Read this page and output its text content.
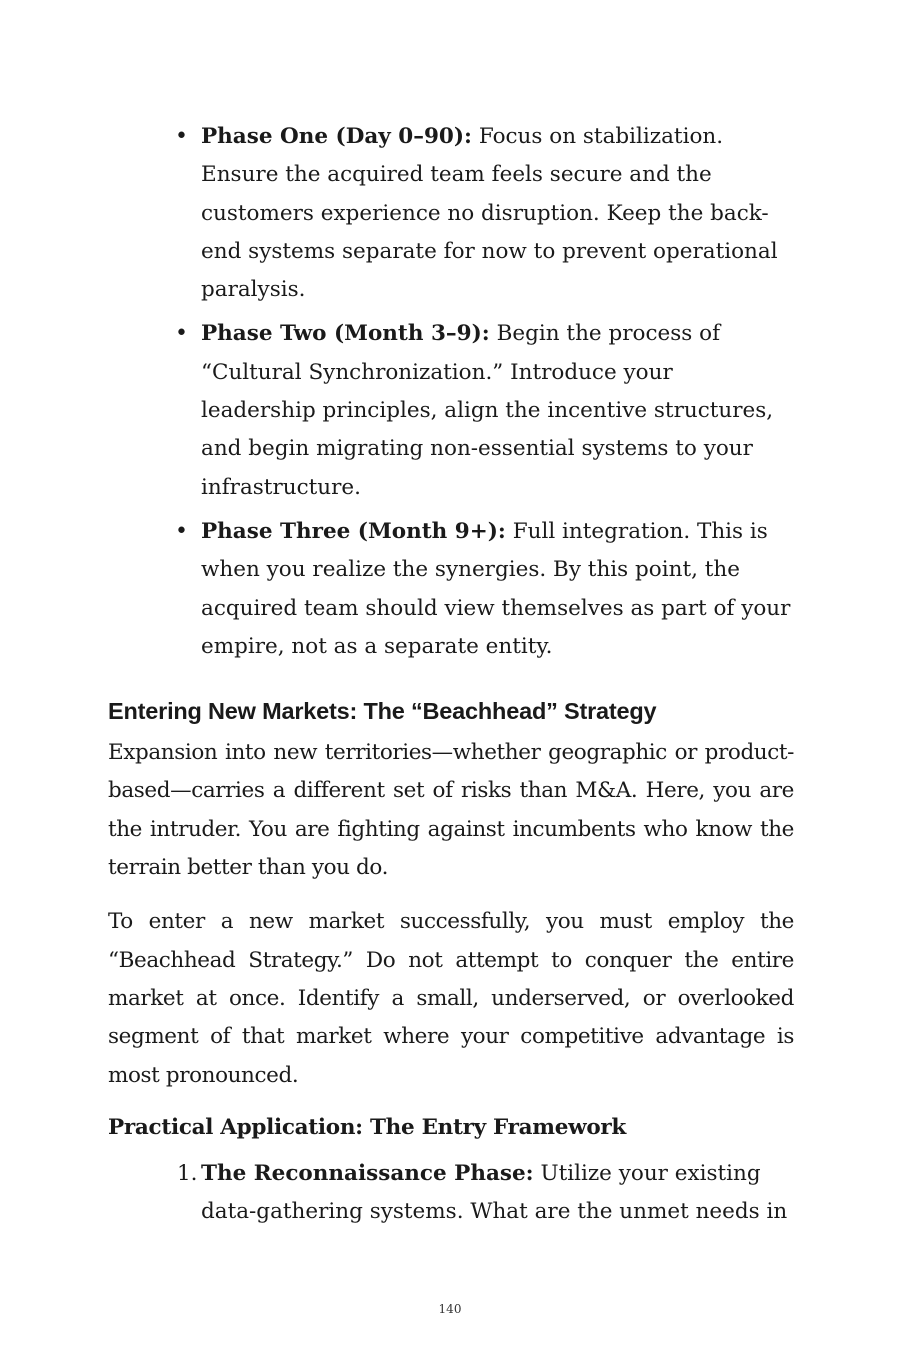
• Phase One (Day 0–90): Focus on stabilization. Ensure the acquired team feels secure and the customers experience no disruption. Keep the back-end systems separate for now to prevent operational paralysis.
• Phase Two (Month 3–9): Begin the process of “Cultural Synchronization.” Introduce your leadership principles, align the incentive structures, and begin migrating non-essential systems to your infrastructure.
• Phase Three (Month 9+): Full integration. This is when you realize the synergies. By this point, the acquired team should view themselves as part of your empire, not as a separate entity.
Entering New Markets: The “Beachhead” Strategy

Expansion into new territories—whether geographic or product-based—carries a different set of risks than M&A. Here, you are the intruder. You are fighting against incumbents who know the terrain better than you do.

To enter a new market successfully, you must employ the “Beachhead Strategy.” Do not attempt to conquer the entire market at once. Identify a small, underserved, or overlooked segment of that market where your competitive advantage is most pronounced.

Practical Application: The Entry Framework
1. The Reconnaissance Phase: Utilize your existing data-gathering systems. What are the unmet needs in
140
